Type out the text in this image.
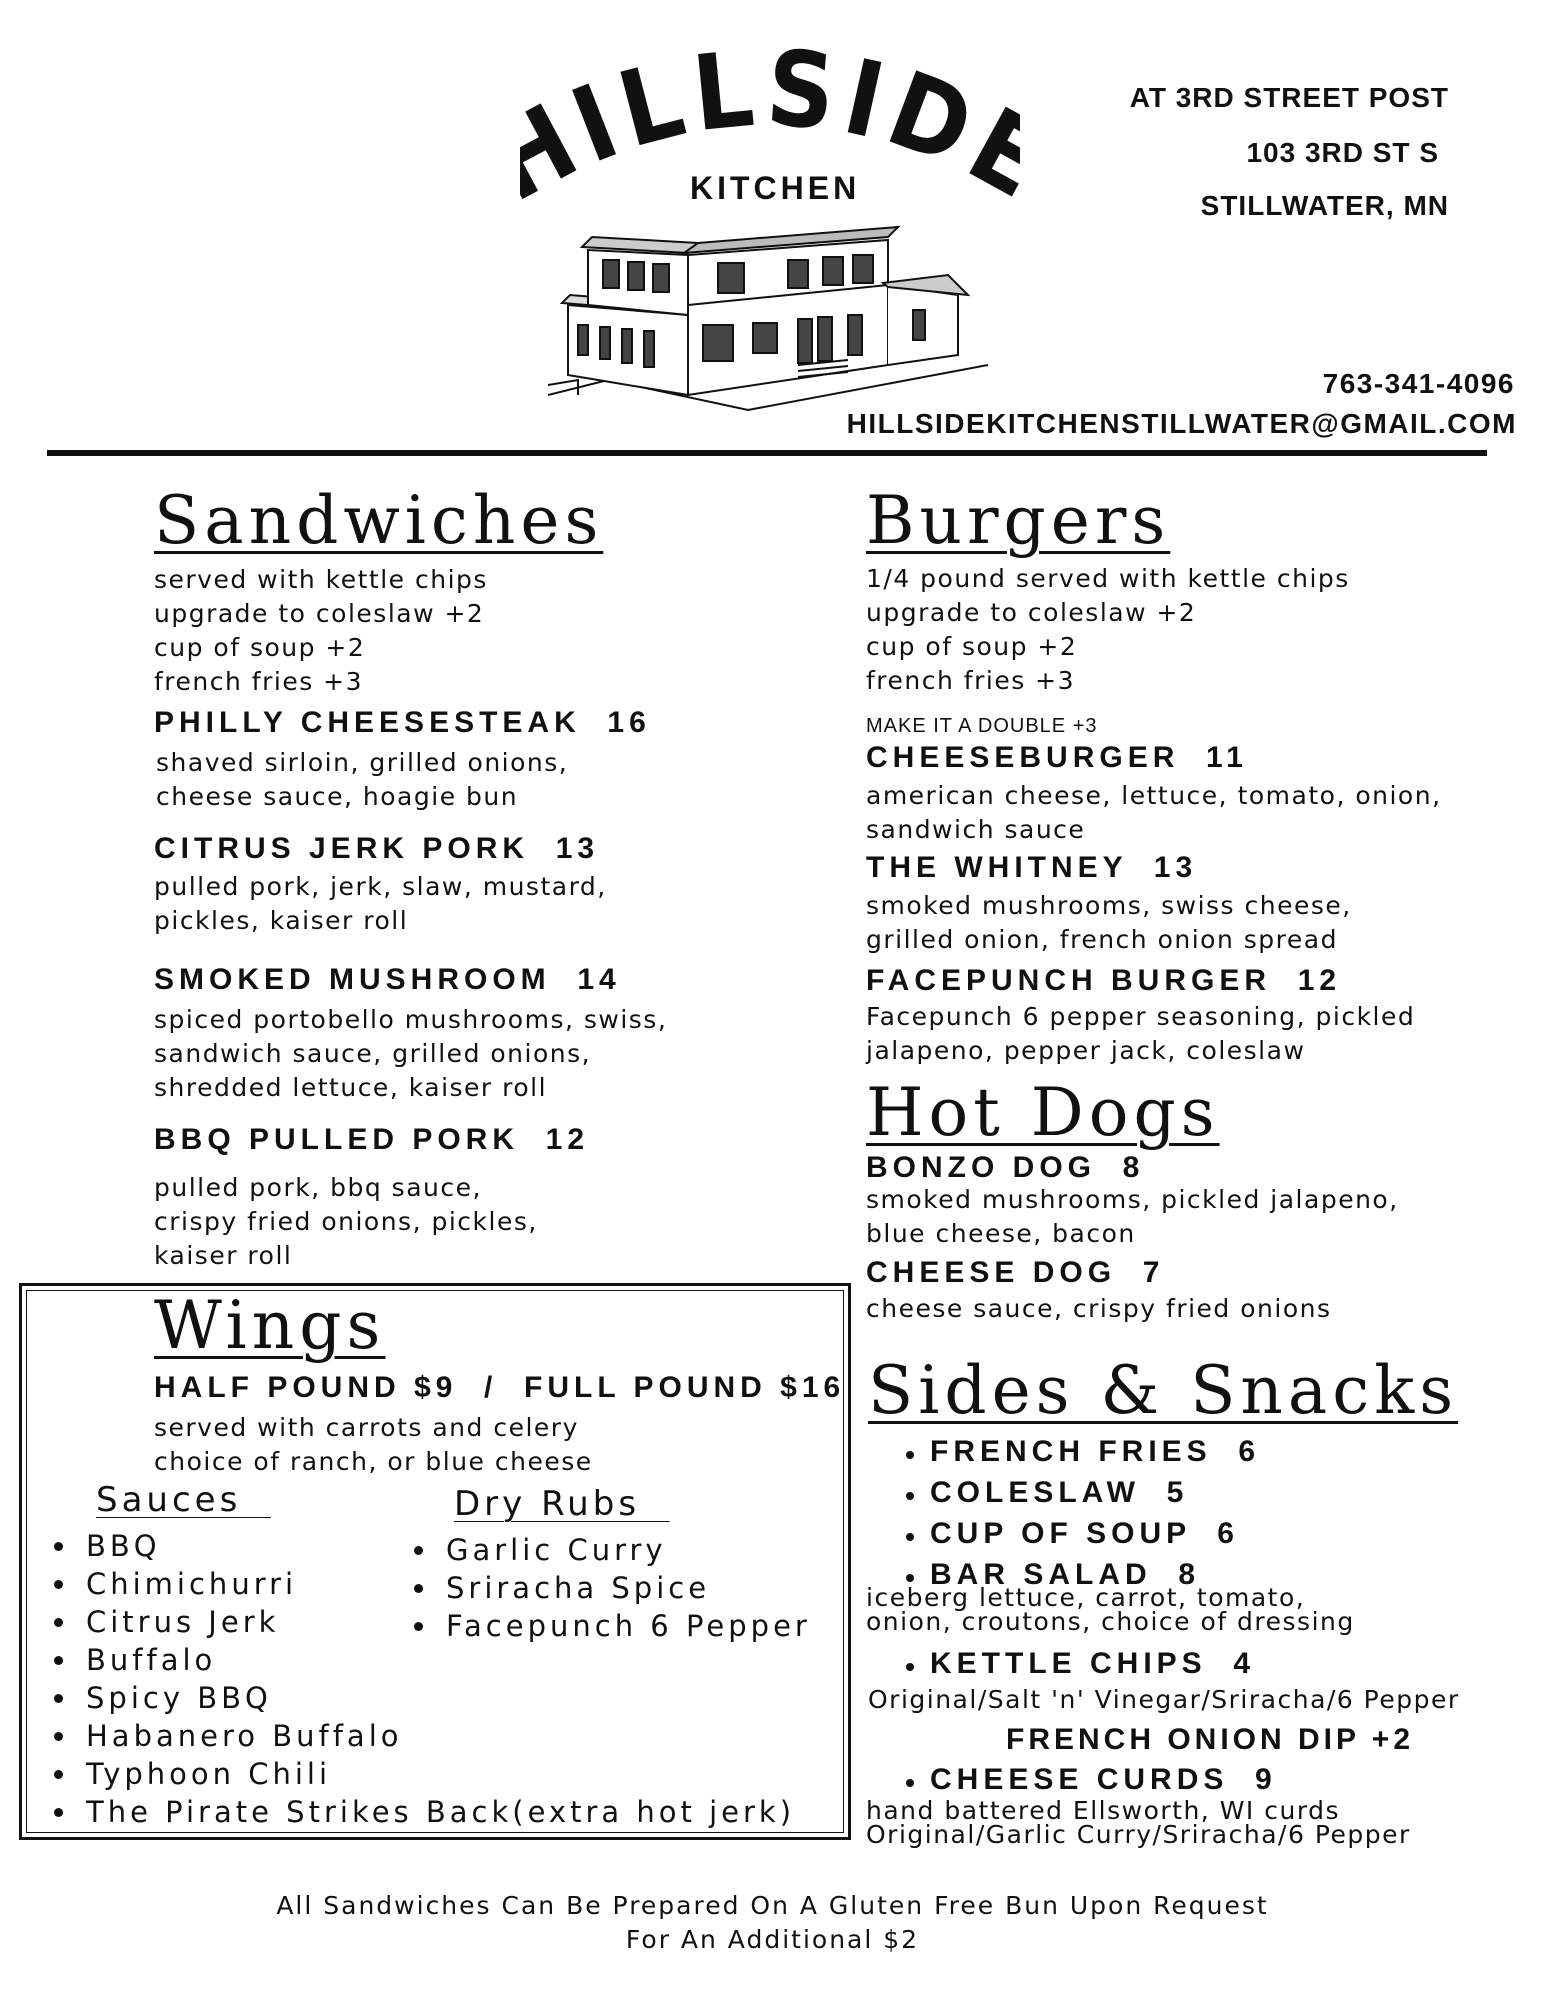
ILLSID
KITCHEN
AT 3RD STREET POST
103 3RD ST S
STILLWATER, MN
763-341-4096
HILLSIDEKITCHENSTILLWATER@GMAIL.COM
Sandwiches
served with kettle chips
upgrade to coleslaw +2
cup of soup +2
french fries +3
PHILLY CHEESESTEAK  16
shaved sirloin, grilled onions,
cheese sauce, hoagie bun
CITRUS JERK PORK  13
pulled pork, jerk, slaw, mustard,
pickles, kaiser roll
SMOKED MUSHROOM  14
spiced portobello mushrooms, swiss,
sandwich sauce, grilled onions,
shredded lettuce, kaiser roll
BBQ PULLED PORK  12
pulled pork, bbq sauce,
crispy fried onions, pickles,
kaiser roll
Burgers
1/4 pound served with kettle chips
upgrade to coleslaw +2
cup of soup +2
french fries +3
MAKE IT A DOUBLE +3
CHEESEBURGER  11
american cheese, lettuce, tomato, onion,
sandwich sauce
THE WHITNEY  13
smoked mushrooms, swiss cheese,
grilled onion, french onion spread
FACEPUNCH BURGER  12
Facepunch 6 pepper seasoning, pickled
jalapeno, pepper jack, coleslaw
Hot Dogs
BONZO DOG  8
smoked mushrooms, pickled jalapeno,
blue cheese, bacon
CHEESE DOG  7
cheese sauce, crispy fried onions
Wings
HALF POUND $9  /  FULL POUND $16
served with carrots and celery
choice of ranch, or blue cheese
Sauces
BBQ
Chimichurri
Citrus Jerk
Buffalo
Spicy BBQ
Habanero Buffalo
Typhoon Chili
The Pirate Strikes Back(extra hot jerk)
Dry Rubs
Garlic Curry
Sriracha Spice
Facepunch 6 Pepper
Sides & Snacks
FRENCH FRIES  6
COLESLAW  5
CUP OF SOUP  6
BAR SALAD  8
iceberg lettuce, carrot, tomato,
onion, croutons, choice of dressing
KETTLE CHIPS  4
Original/Salt 'n' Vinegar/Sriracha/6 Pepper
FRENCH ONION DIP +2
CHEESE CURDS  9
hand battered Ellsworth, WI curds
Original/Garlic Curry/Sriracha/6 Pepper
All Sandwiches Can Be Prepared On A Gluten Free Bun Upon Request
For An Additional $2
